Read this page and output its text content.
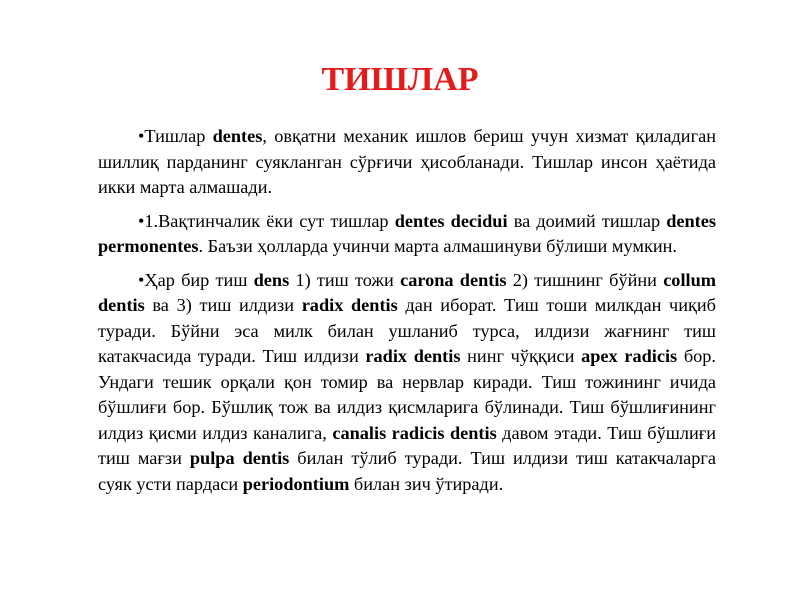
ТИШЛАР

•Тишлар dentes, овқатни механик ишлов бериш учун хизмат қиладиган шиллиқ парданинг суякланган сўрғичи ҳисобланади. Тишлар инсон ҳаётида икки марта алмашади.

•1.Вақтинчалик ёки сут тишлар dentes decidui ва доимий тишлар dentes permonentes. Баъзи ҳолларда учинчи марта алмашинуви бўлиши мумкин.

•Ҳар бир тиш dens 1) тиш тожи carona dentis 2) тишнинг бўйни collum dentis ва 3) тиш илдизи radix dentis дан иборат. Тиш тоши милкдан чиқиб туради. Бўйни эса милк билан ушланиб турса, илдизи жағнинг тиш катакчасида туради. Тиш илдизи radix dentis нинг чўққиси apex radicis бор. Ундаги тешик орқали қон томир ва нервлар киради. Тиш тожининг ичида бўшлиғи бор. Бўшлиқ тож ва илдиз қисмларига бўлинади. Тиш бўшлиғининг илдиз қисми илдиз каналига, canalis radicis dentis давом этади. Тиш бўшлиғи тиш мағзи pulpa dentis билан тўлиб туради. Тиш илдизи тиш катакчаларга суяк усти пардаси periodontium билан зич ўтиради.
